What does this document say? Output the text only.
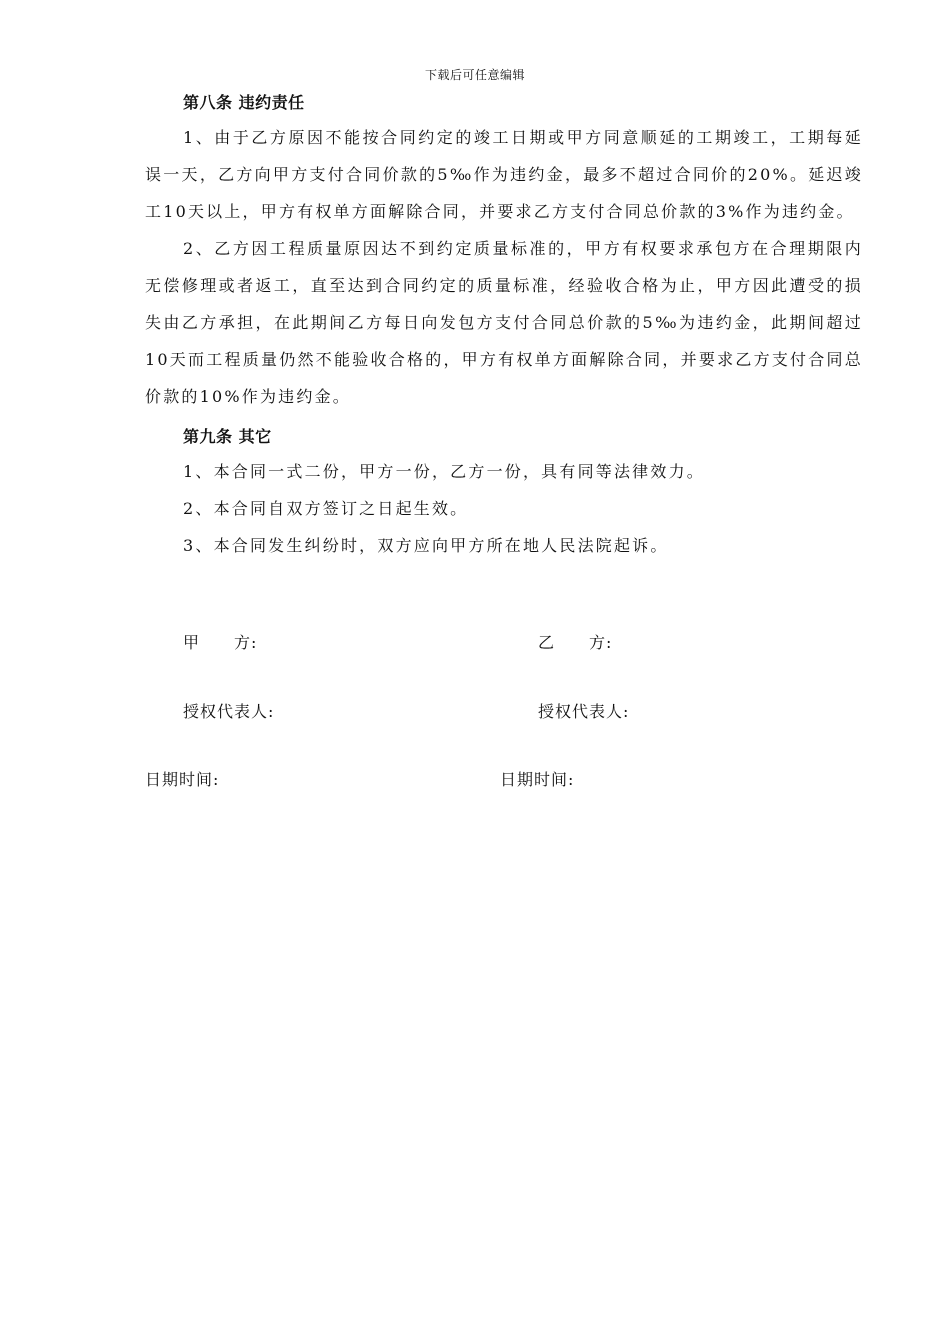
下载后可任意编辑
第八条 违约责任

1、由于乙方原因不能按合同约定的竣工日期或甲方同意顺延的工期竣工，工期每延误一天，乙方向甲方支付合同价款的5‰作为违约金，最多不超过合同价的20%。延迟竣工10天以上，甲方有权单方面解除合同，并要求乙方支付合同总价款的3%作为违约金。

2、乙方因工程质量原因达不到约定质量标准的，甲方有权要求承包方在合理期限内无偿修理或者返工，直至达到合同约定的质量标准，经验收合格为止，甲方因此遭受的损失由乙方承担，在此期间乙方每日向发包方支付合同总价款的5‰为违约金，此期间超过10天而工程质量仍然不能验收合格的，甲方有权单方面解除合同，并要求乙方支付合同总价款的10%作为违约金。

第九条 其它

1、本合同一式二份，甲方一份，乙方一份，具有同等法律效力。

2、本合同自双方签订之日起生效。

3、本合同发生纠纷时，双方应向甲方所在地人民法院起诉。

甲　　方:	乙　　方:
授权代表人:	授权代表人:
日期时间:	日期时间:
